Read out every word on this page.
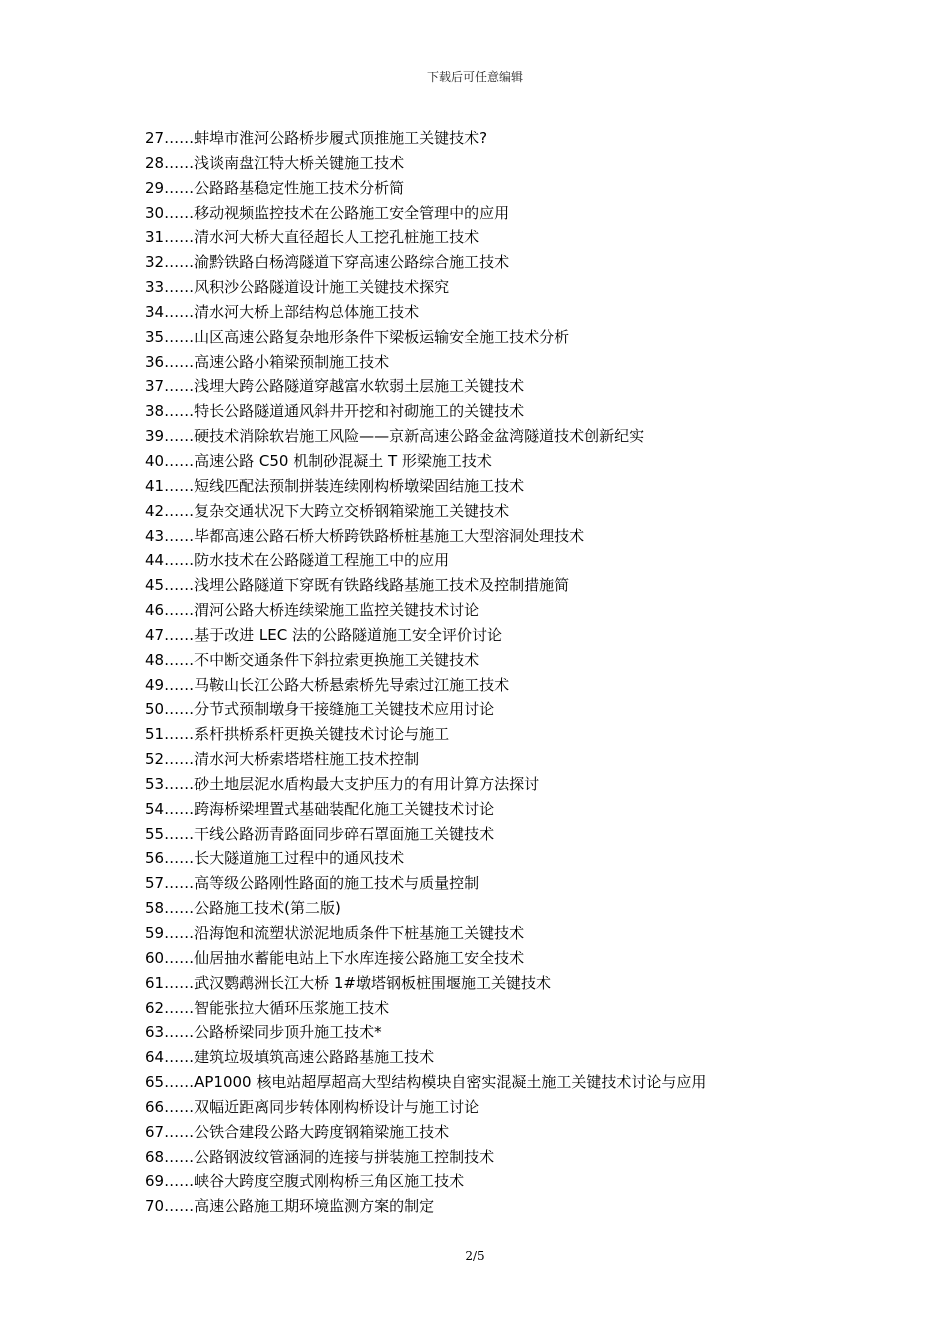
下载后可任意编辑
27……蚌埠市淮河公路桥步履式顶推施工关键技术?
28……浅谈南盘江特大桥关键施工技术
29……公路路基稳定性施工技术分析简
30……移动视频监控技术在公路施工安全管理中的应用
31……清水河大桥大直径超长人工挖孔桩施工技术
32……渝黔铁路白杨湾隧道下穿高速公路综合施工技术
33……风积沙公路隧道设计施工关键技术探究
34……清水河大桥上部结构总体施工技术
35……山区高速公路复杂地形条件下梁板运输安全施工技术分析
36……高速公路小箱梁预制施工技术
37……浅埋大跨公路隧道穿越富水软弱土层施工关键技术
38……特长公路隧道通风斜井开挖和衬砌施工的关键技术
39……硬技术消除软岩施工风险——京新高速公路金盆湾隧道技术创新纪实
40……高速公路 C50 机制砂混凝土 T 形梁施工技术
41……短线匹配法预制拼装连续刚构桥墩梁固结施工技术
42……复杂交通状况下大跨立交桥钢箱梁施工关键技术
43……毕都高速公路石桥大桥跨铁路桥桩基施工大型溶洞处理技术
44……防水技术在公路隧道工程施工中的应用
45……浅埋公路隧道下穿既有铁路线路基施工技术及控制措施简
46……渭河公路大桥连续梁施工监控关键技术讨论
47……基于改进 LEC 法的公路隧道施工安全评价讨论
48……不中断交通条件下斜拉索更换施工关键技术
49……马鞍山长江公路大桥悬索桥先导索过江施工技术
50……分节式预制墩身干接缝施工关键技术应用讨论
51……系杆拱桥系杆更换关键技术讨论与施工
52……清水河大桥索塔塔柱施工技术控制
53……砂土地层泥水盾构最大支护压力的有用计算方法探讨
54……跨海桥梁埋置式基础装配化施工关键技术讨论
55……干线公路沥青路面同步碎石罩面施工关键技术
56……长大隧道施工过程中的通风技术
57……高等级公路刚性路面的施工技术与质量控制
58……公路施工技术(第二版)
59……沿海饱和流塑状淤泥地质条件下桩基施工关键技术
60……仙居抽水蓄能电站上下水库连接公路施工安全技术
61……武汉鹦鹉洲长江大桥 1#墩塔钢板桩围堰施工关键技术
62……智能张拉大循环压浆施工技术
63……公路桥梁同步顶升施工技术*
64……建筑垃圾填筑高速公路路基施工技术
65……AP1000 核电站超厚超高大型结构模块自密实混凝土施工关键技术讨论与应用
66……双幅近距离同步转体刚构桥设计与施工讨论
67……公铁合建段公路大跨度钢箱梁施工技术
68……公路钢波纹管涵洞的连接与拼装施工控制技术
69……峡谷大跨度空腹式刚构桥三角区施工技术
70……高速公路施工期环境监测方案的制定
2/5
